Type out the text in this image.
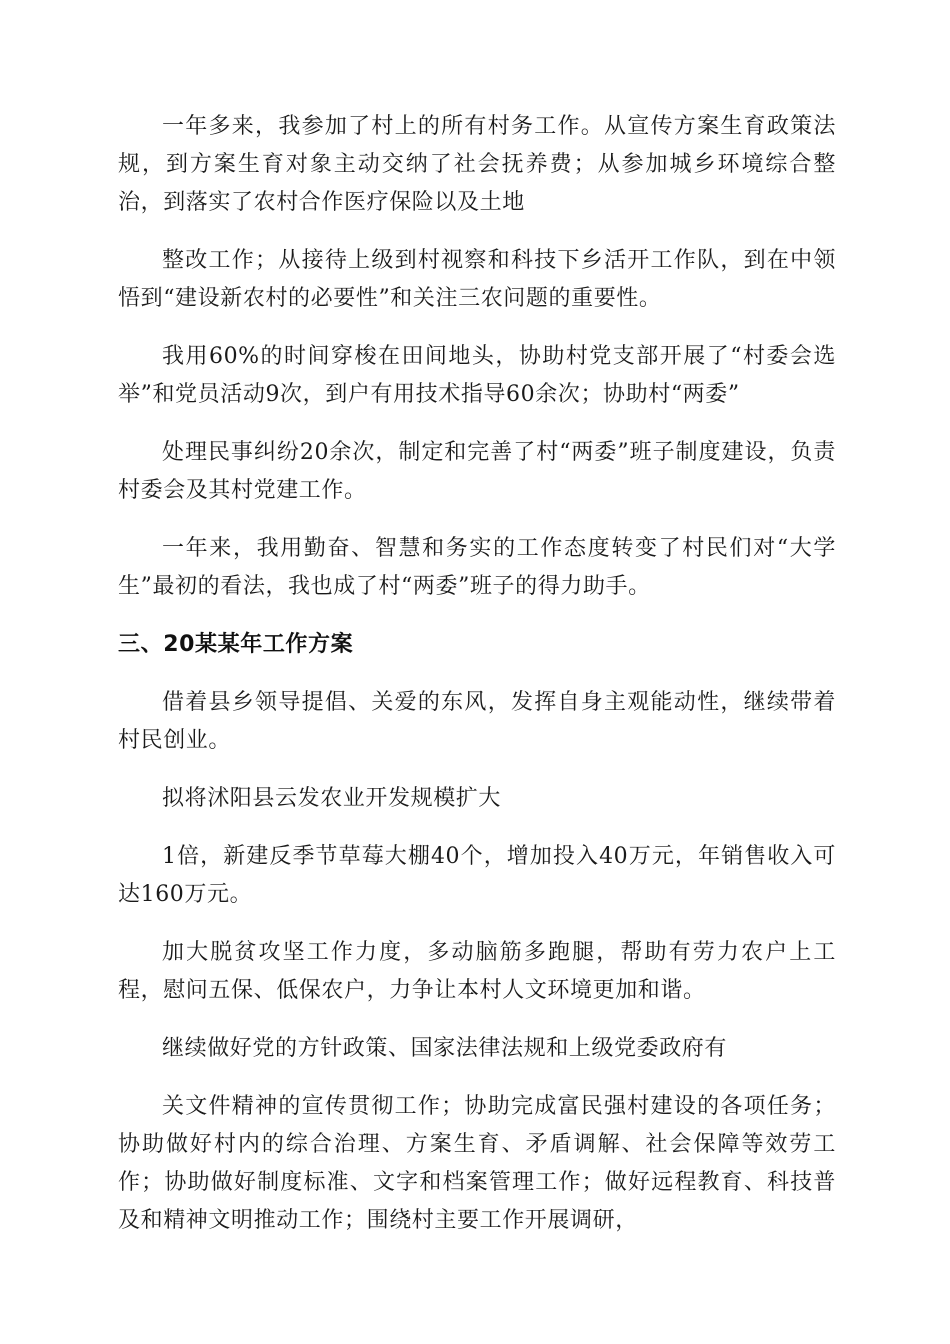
一年多来，我参加了村上的所有村务工作。从宣传方案生育政策法规，到方案生育对象主动交纳了社会抚养费；从参加城乡环境综合整治，到落实了农村合作医疗保险以及土地

整改工作；从接待上级到村视察和科技下乡活开工作队，到在中领悟到“建设新农村的必要性”和关注三农问题的重要性。

我用60%的时间穿梭在田间地头，协助村党支部开展了“村委会选举”和党员活动9次，到户有用技术指导60余次；协助村“两委”

处理民事纠纷20余次，制定和完善了村“两委”班子制度建设，负责村委会及其村党建工作。

一年来，我用勤奋、智慧和务实的工作态度转变了村民们对“大学生”最初的看法，我也成了村“两委”班子的得力助手。

三、20某某年工作方案

借着县乡领导提倡、关爱的东风，发挥自身主观能动性，继续带着村民创业。

拟将沭阳县云发农业开发规模扩大

1倍，新建反季节草莓大棚40个，增加投入40万元，年销售收入可达160万元。

加大脱贫攻坚工作力度，多动脑筋多跑腿，帮助有劳力农户上工程，慰问五保、低保农户，力争让本村人文环境更加和谐。

继续做好党的方针政策、国家法律法规和上级党委政府有

关文件精神的宣传贯彻工作；协助完成富民强村建设的各项任务；协助做好村内的综合治理、方案生育、矛盾调解、社会保障等效劳工作；协助做好制度标准、文字和档案管理工作；做好远程教育、科技普及和精神文明推动工作；围绕村主要工作开展调研，
